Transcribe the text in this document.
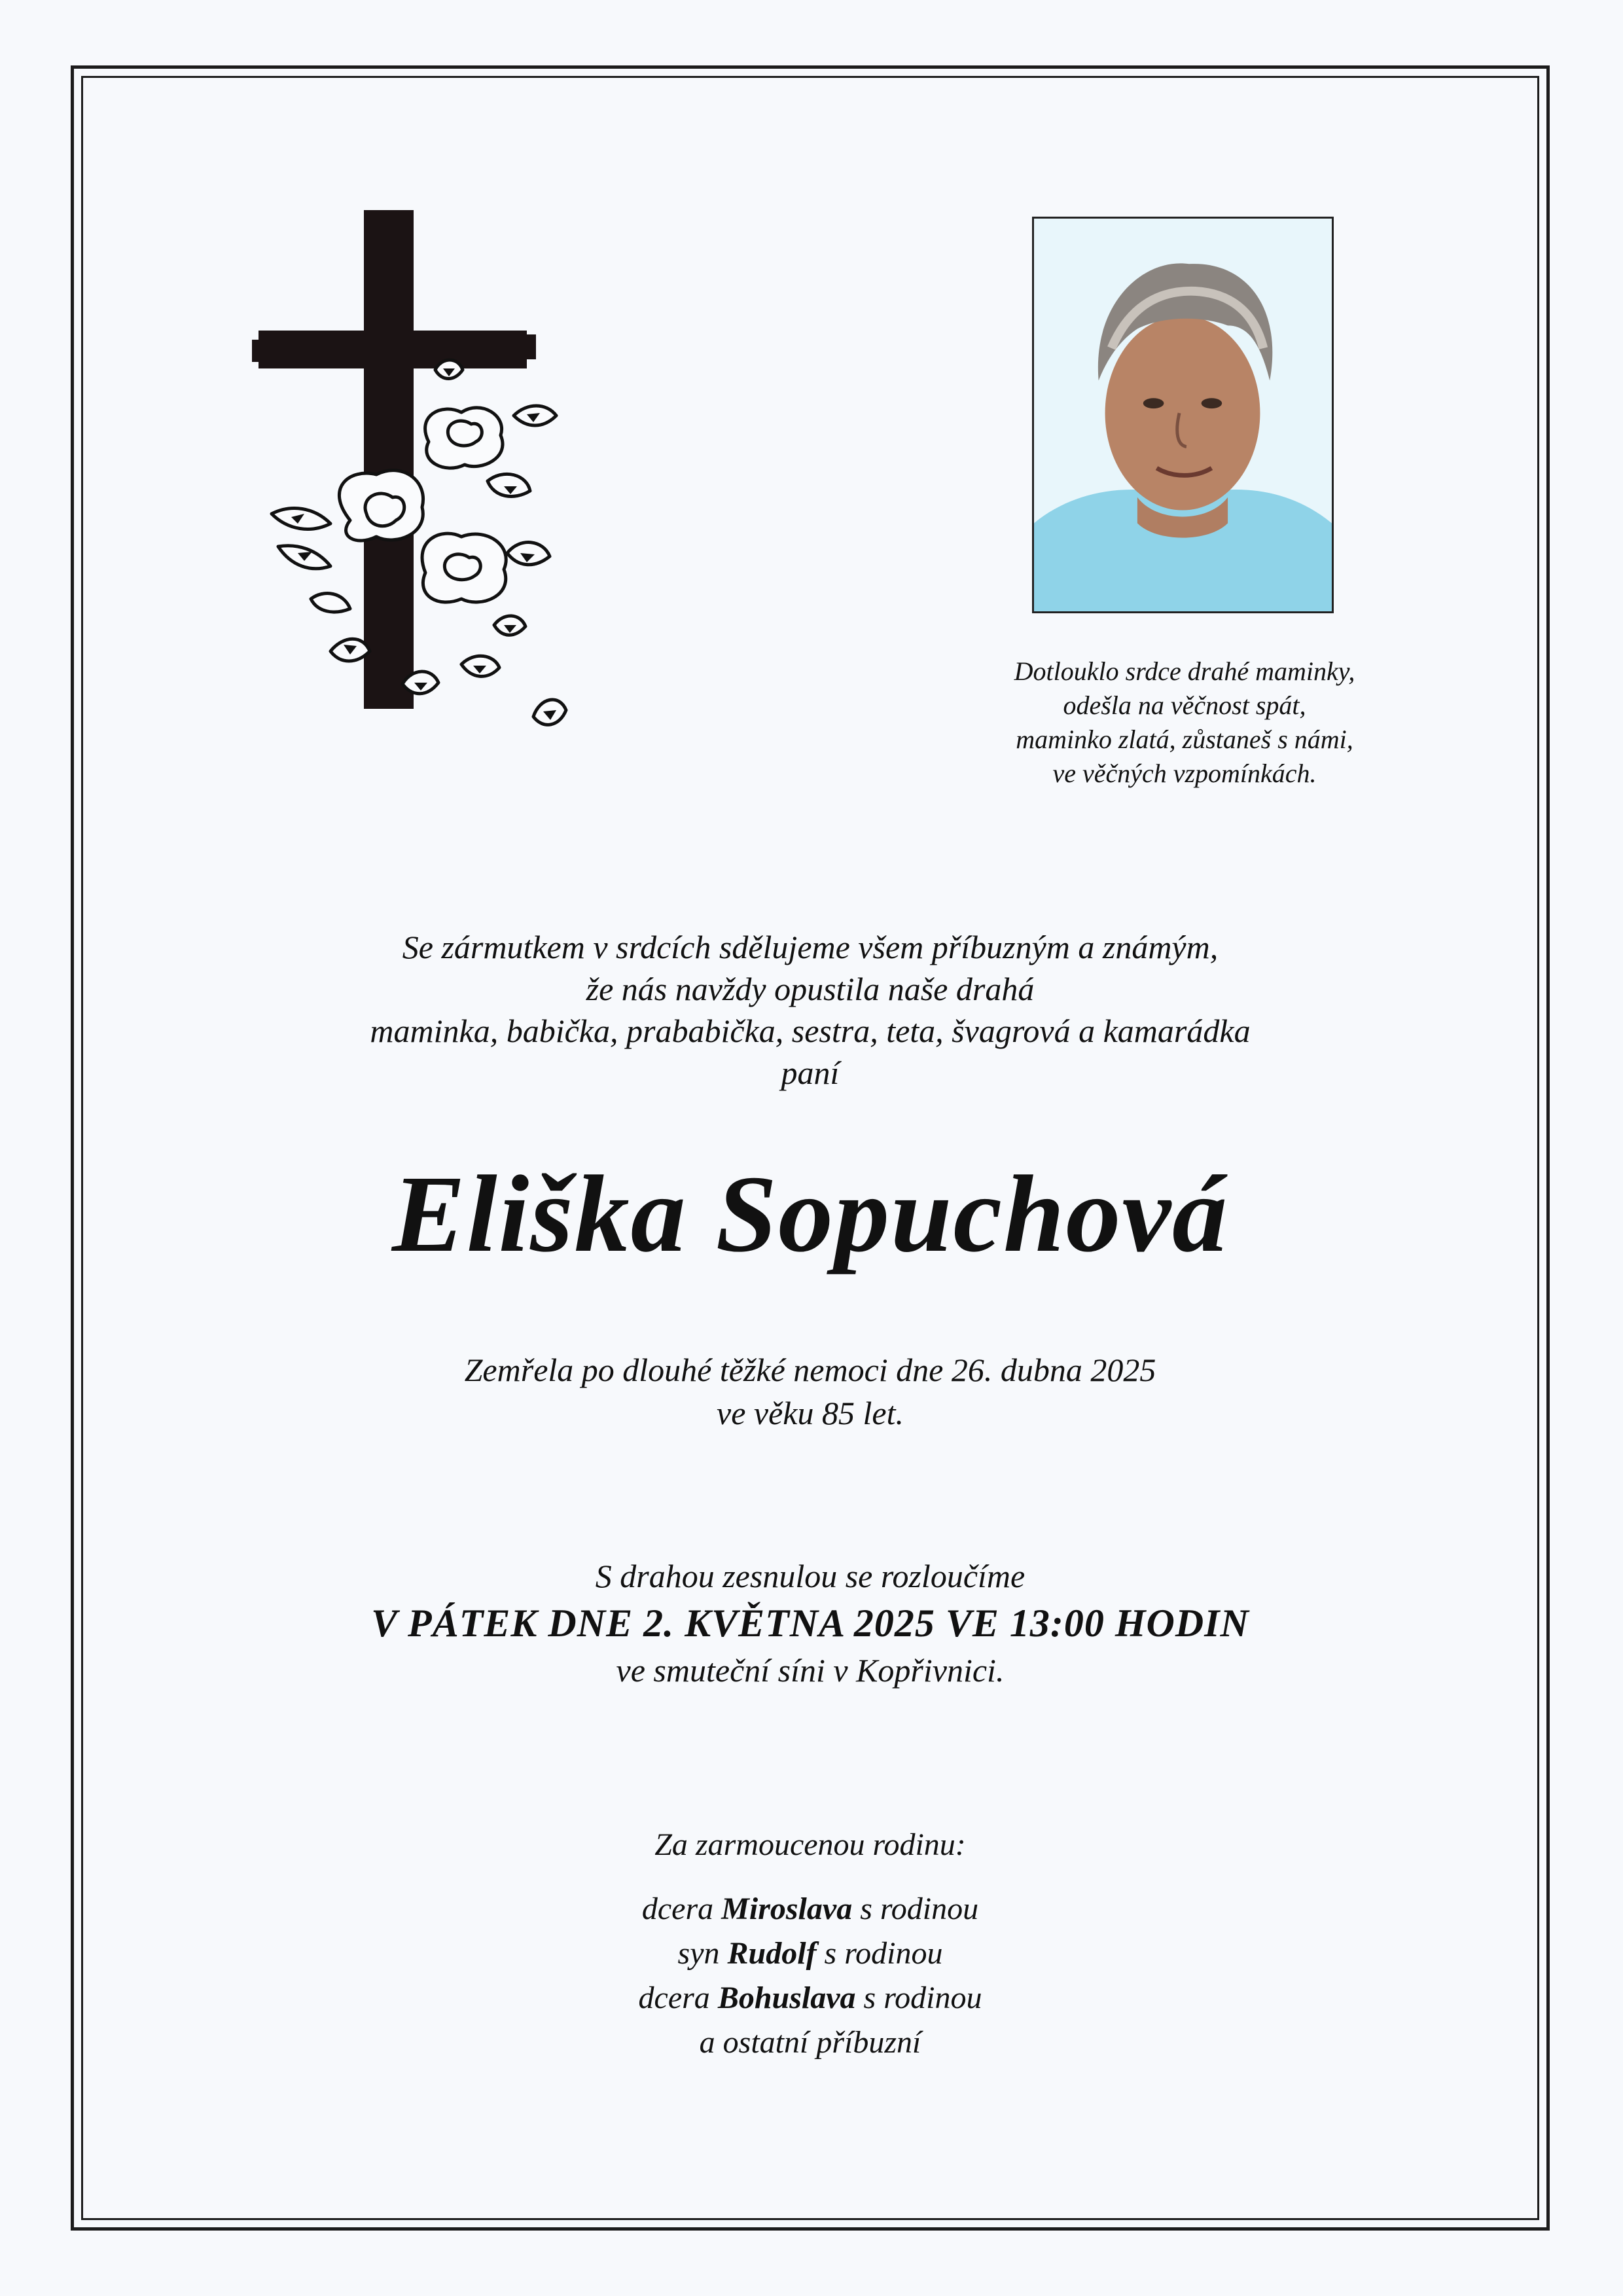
Dotlouklo srdce drahé maminky,
odešla na věčnost spát,
maminko zlatá, zůstaneš s námi,
ve věčných vzpomínkách.
Se zármutkem v srdcích sdělujeme všem příbuzným a známým,
že nás navždy opustila naše drahá
maminka, babička, prababička, sestra, teta, švagrová a kamarádka
paní
Eliška Sopuchová
Zemřela po dlouhé těžké nemoci dne 26. dubna 2025
ve věku 85 let.
S drahou zesnulou se rozloučíme
V PÁTEK DNE 2. KVĚTNA 2025 VE 13:00 HODIN
ve smuteční síni v Kopřivnici.
Za zarmoucenou rodinu:
dcera Miroslava s rodinou
syn Rudolf s rodinou
dcera Bohuslava s rodinou
a ostatní příbuzní
